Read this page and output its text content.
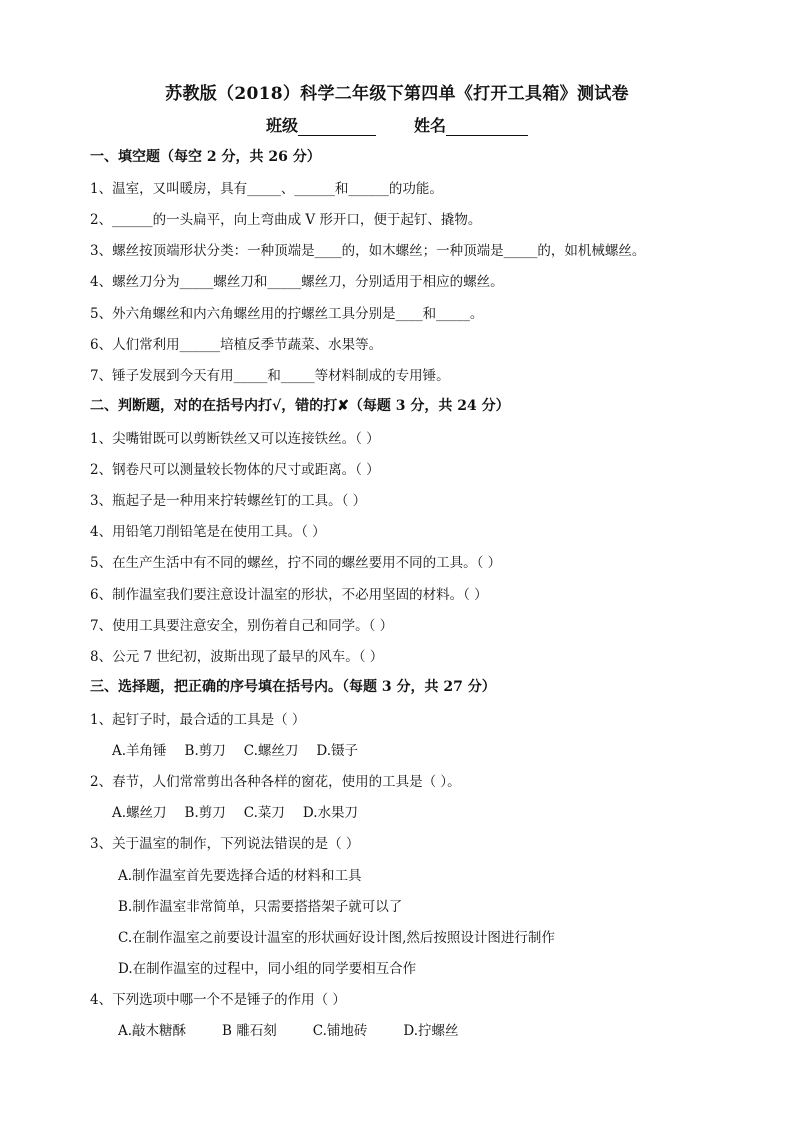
苏教版（2018）科学二年级下第四单《打开工具箱》测试卷
班级	姓名
一、填空题（每空 2 分，共 26 分）
1、温室，又叫暖房，具有_____、______和______的功能。
2、______的一头扁平，向上弯曲成 V 形开口，便于起钉、撬物。
3、螺丝按顶端形状分类：一种顶端是____的，如木螺丝；一种顶端是_____的，如机械螺丝。
4、螺丝刀分为_____螺丝刀和_____螺丝刀，分别适用于相应的螺丝。
5、外六角螺丝和内六角螺丝用的拧螺丝工具分别是____和_____。
6、人们常利用______培植反季节蔬菜、水果等。
7、锤子发展到今天有用_____和_____等材料制成的专用锤。
二、判断题，对的在括号内打√，错的打✘（每题 3 分，共 24 分）
1、尖嘴钳既可以剪断铁丝又可以连接铁丝。（ ）
2、钢卷尺可以测量较长物体的尺寸或距离。（ ）
3、瓶起子是一种用来拧转螺丝钉的工具。（ ）
4、用铅笔刀削铅笔是在使用工具。（ ）
5、在生产生活中有不同的螺丝，拧不同的螺丝要用不同的工具。（ ）
6、制作温室我们要注意设计温室的形状，不必用坚固的材料。（ ）
7、使用工具要注意安全，别伤着自己和同学。（ ）
8、公元 7 世纪初，波斯出现了最早的风车。（ ）
三、选择题，把正确的序号填在括号内。（每题 3 分，共 27 分）
1、起钉子时，最合适的工具是（ ）
A.羊角锤 B.剪刀 C.螺丝刀 D.镊子
2、春节，人们常常剪出各种各样的窗花，使用的工具是（ ）。
A.螺丝刀 B.剪刀 C.菜刀 D.水果刀
3、关于温室的制作，下列说法错误的是（ ）
A.制作温室首先要选择合适的材料和工具
B.制作温室非常简单，只需要搭搭架子就可以了
C.在制作温室之前要设计温室的形状画好设计图,然后按照设计图进行制作
D.在制作温室的过程中，同小组的同学要相互合作
4、下列选项中哪一个不是锤子的作用（ ）
A.敲木糖酥	B 雕石刻	C.铺地砖	D.拧螺丝
